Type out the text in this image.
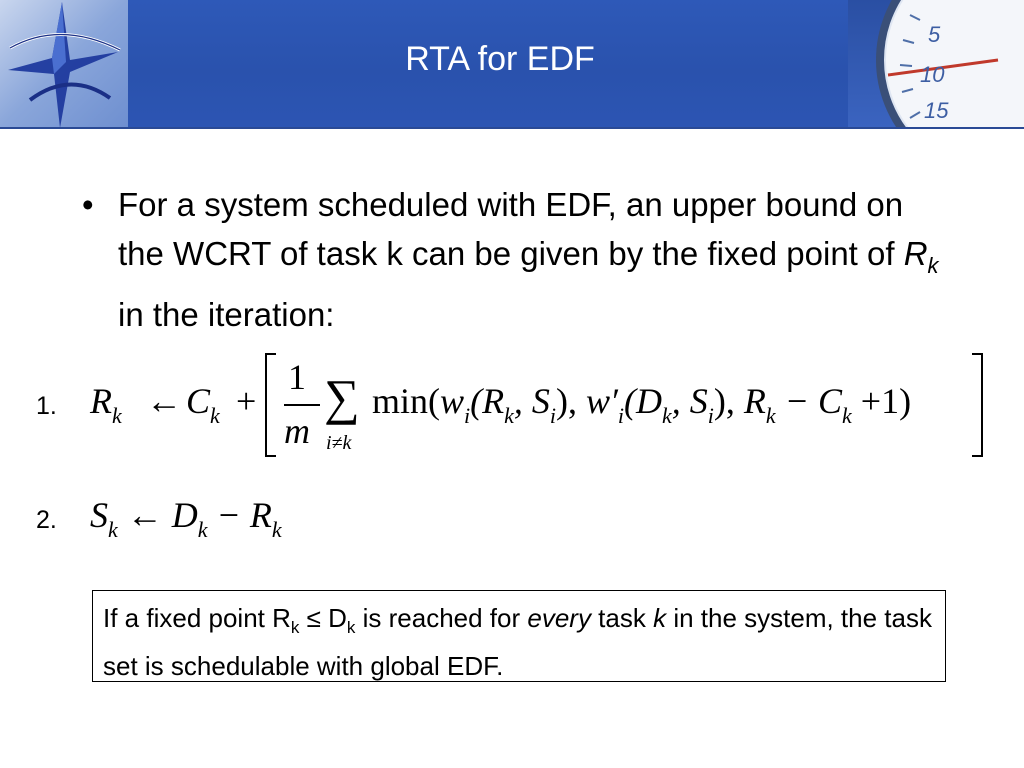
RTA for EDF
5
10
15
• For a system scheduled with EDF, an upper bound on the WCRT of task k can be given by the fixed point of $R_k$ in the iteration:
1. $R_k$ ← $C_k$ +
1
m
∑
i≠k
$\min(w_i(R_k$, $S_i$), $w'_i(D_k$, $S_i$), $R_k - C_k +1$)
2. $S_k$ ← $D_k - R_k$
If a fixed point $R_k \le D_k$ is reached for every task k in the system, the task set is schedulable with global EDF.
